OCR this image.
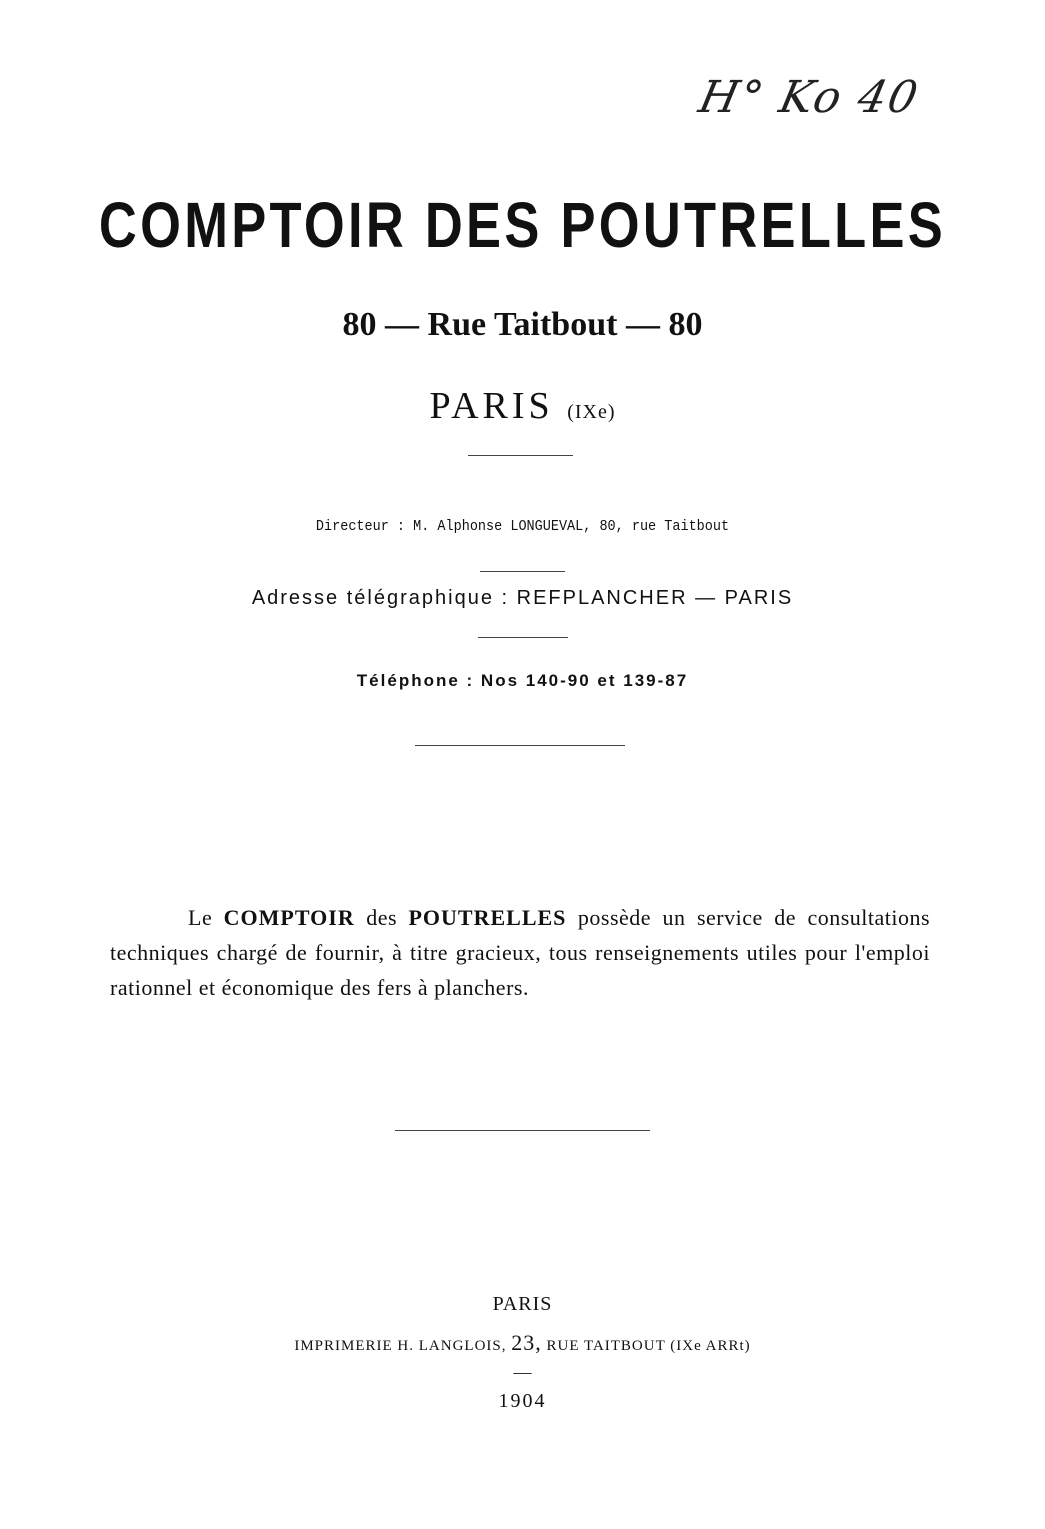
H° Ko 40
COMPTOIR DES POUTRELLES
80 — Rue Taitbout — 80
PARIS (IXe)
Directeur : M. Alphonse LONGUEVAL, 80, rue Taitbout
Adresse télégraphique : REFPLANCHER — PARIS
Téléphone : Nos 140-90 et 139-87

Le COMPTOIR des POUTRELLES possède un service de consultations techniques chargé de fournir, à titre gracieux, tous renseignements utiles pour l'emploi rationnel et économique des fers à planchers.

PARIS
IMPRIMERIE H. LANGLOIS, 23, RUE TAITBOUT (IXe ARRt)
—
1904
